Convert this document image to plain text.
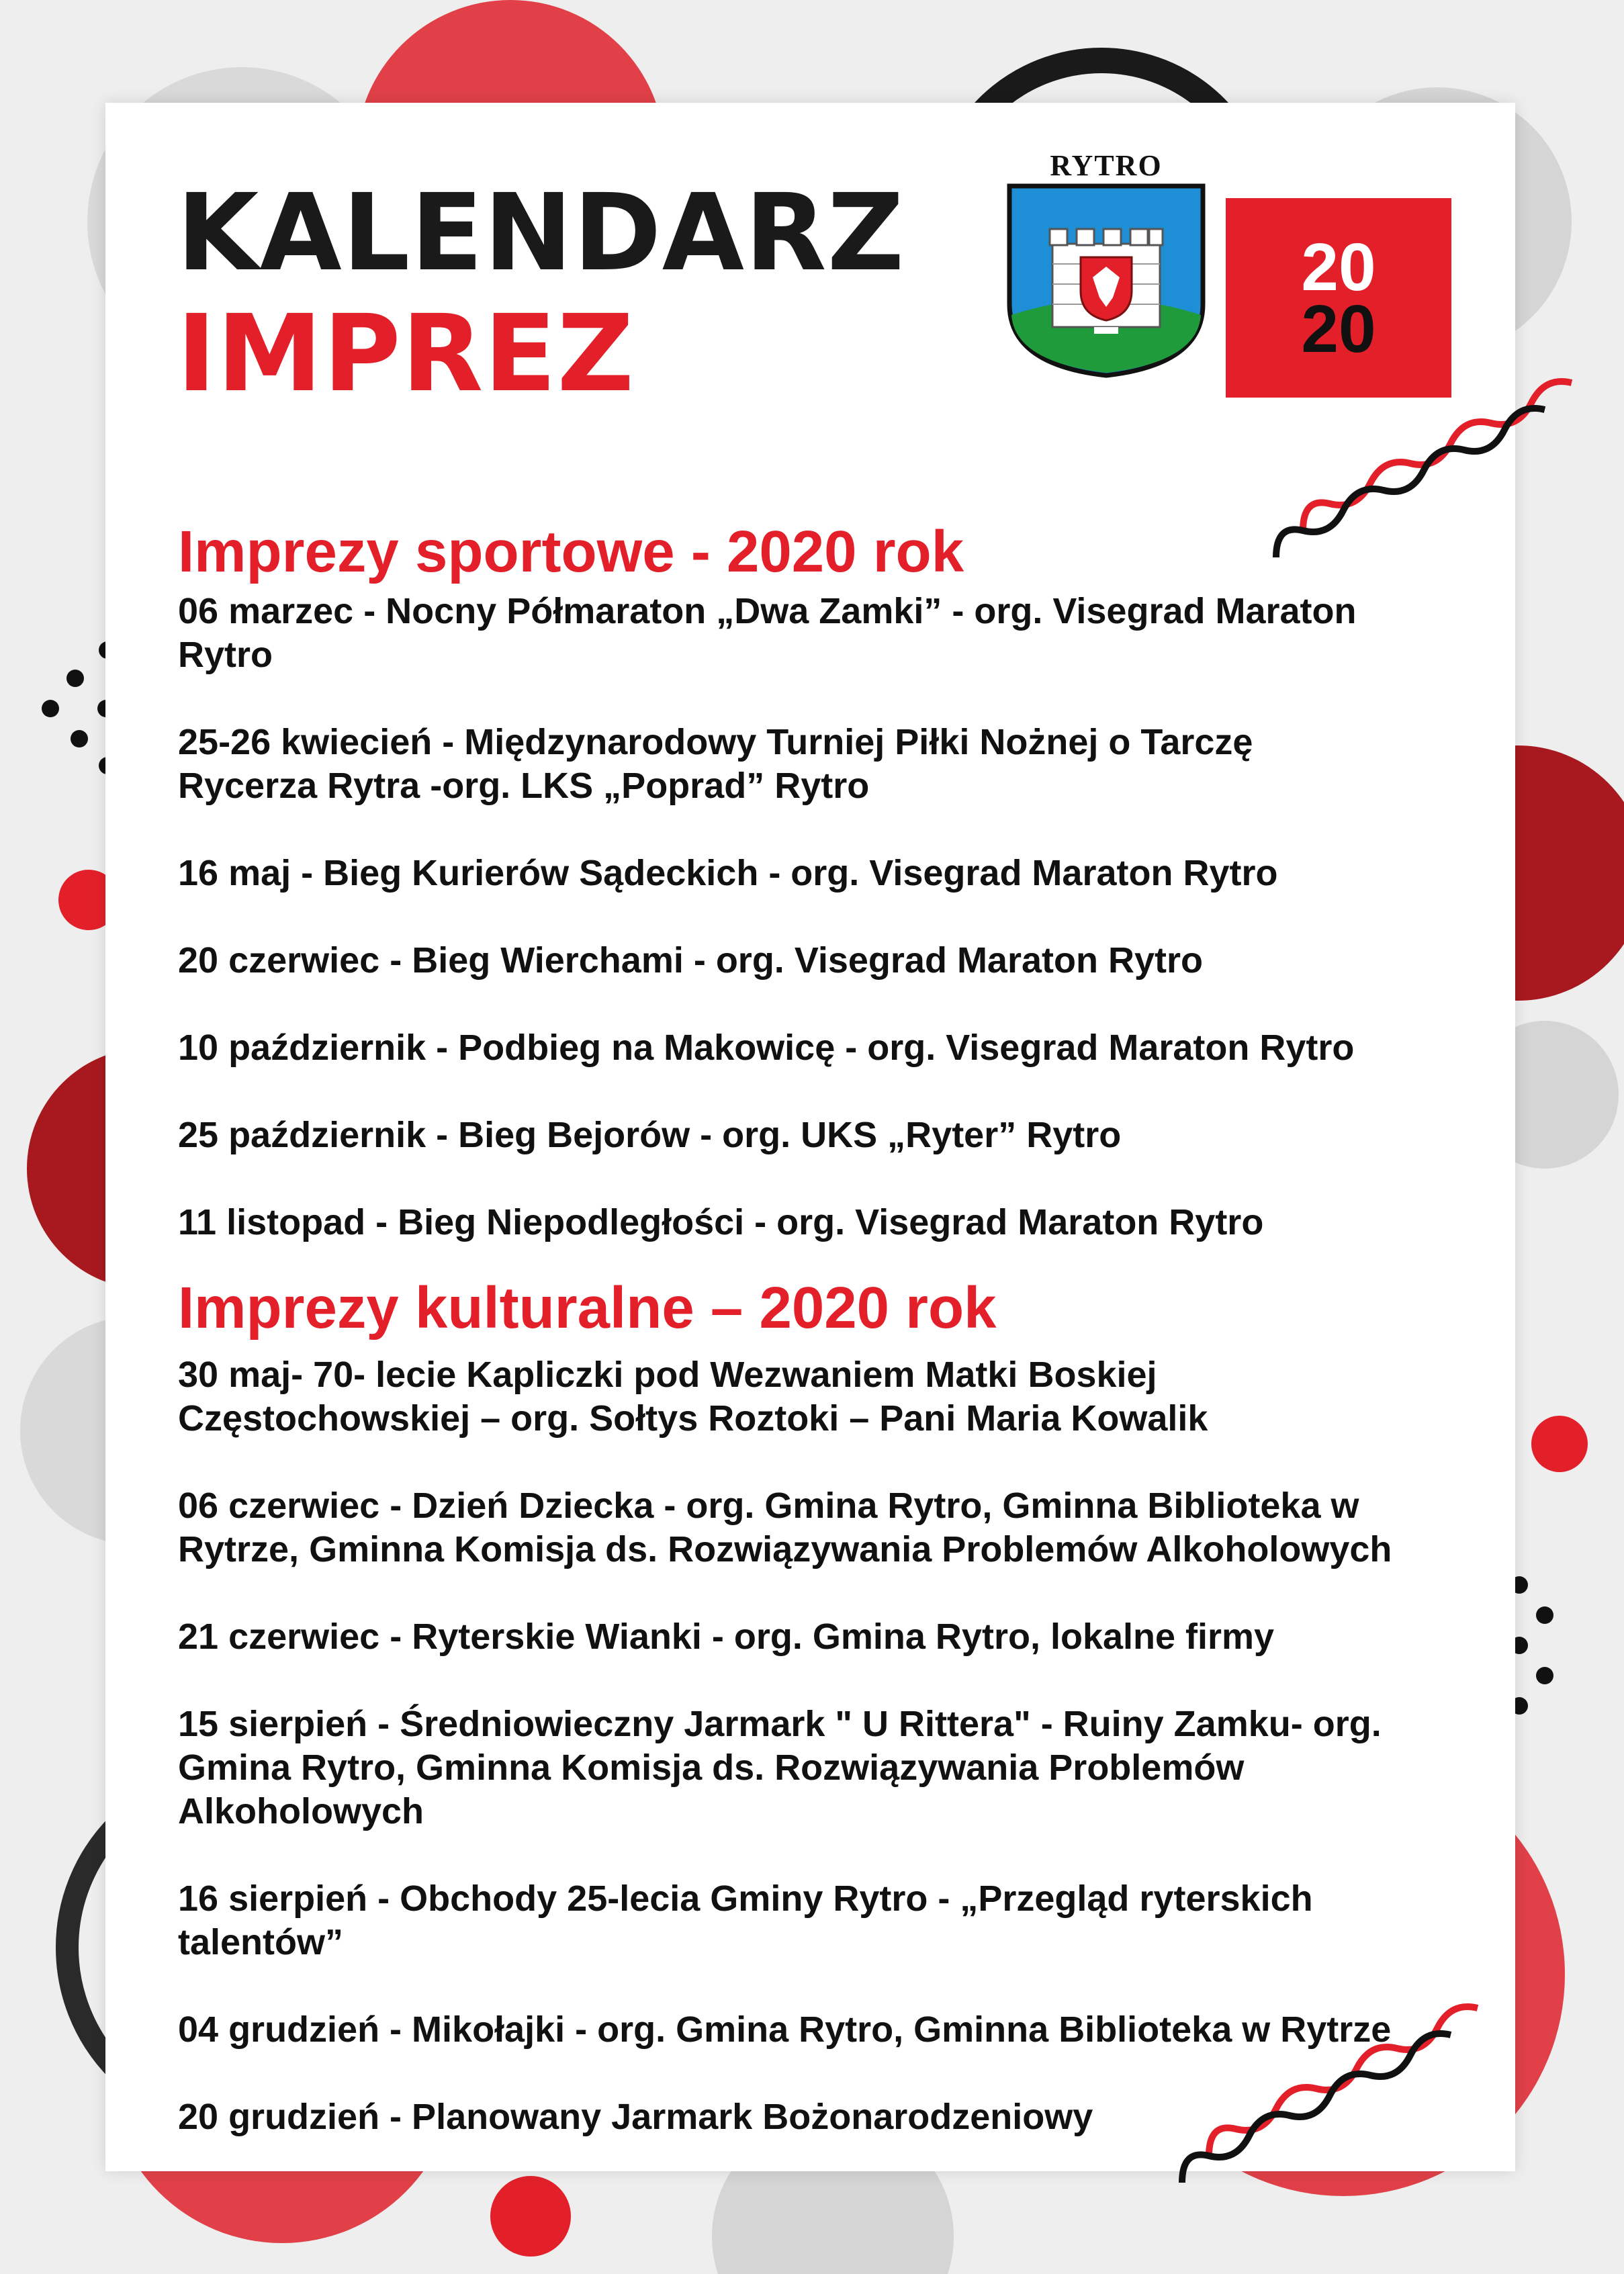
KALENDARZ
IMPREZ
RYTRO
20
20
Imprezy sportowe - 2020 rok
06 marzec - Nocny Półmaraton „Dwa Zamki” - org. Visegrad Maraton
Rytro
25-26 kwiecień - Międzynarodowy Turniej Piłki Nożnej o Tarczę
Rycerza Rytra -org. LKS „Poprad” Rytro
16 maj - Bieg Kurierów Sądeckich - org. Visegrad Maraton Rytro
20 czerwiec - Bieg Wierchami - org. Visegrad Maraton Rytro
10 październik - Podbieg na Makowicę - org. Visegrad Maraton Rytro
25 październik - Bieg Bejorów - org. UKS „Ryter” Rytro
11 listopad - Bieg Niepodległości - org. Visegrad Maraton Rytro
Imprezy kulturalne – 2020 rok
30 maj- 70- lecie Kapliczki pod Wezwaniem Matki Boskiej
Częstochowskiej – org. Sołtys Roztoki – Pani Maria Kowalik
06 czerwiec - Dzień Dziecka - org. Gmina Rytro, Gminna Biblioteka w
Rytrze, Gminna Komisja ds. Rozwiązywania Problemów Alkoholowych
21 czerwiec - Ryterskie Wianki - org. Gmina Rytro, lokalne firmy
15 sierpień - Średniowieczny Jarmark " U Rittera" - Ruiny Zamku- org.
Gmina Rytro, Gminna Komisja ds. Rozwiązywania Problemów
Alkoholowych
16 sierpień - Obchody 25-lecia Gminy Rytro - „Przegląd ryterskich
talentów”
04 grudzień - Mikołajki - org. Gmina Rytro, Gminna Biblioteka w Rytrze
20 grudzień - Planowany Jarmark Bożonarodzeniowy
